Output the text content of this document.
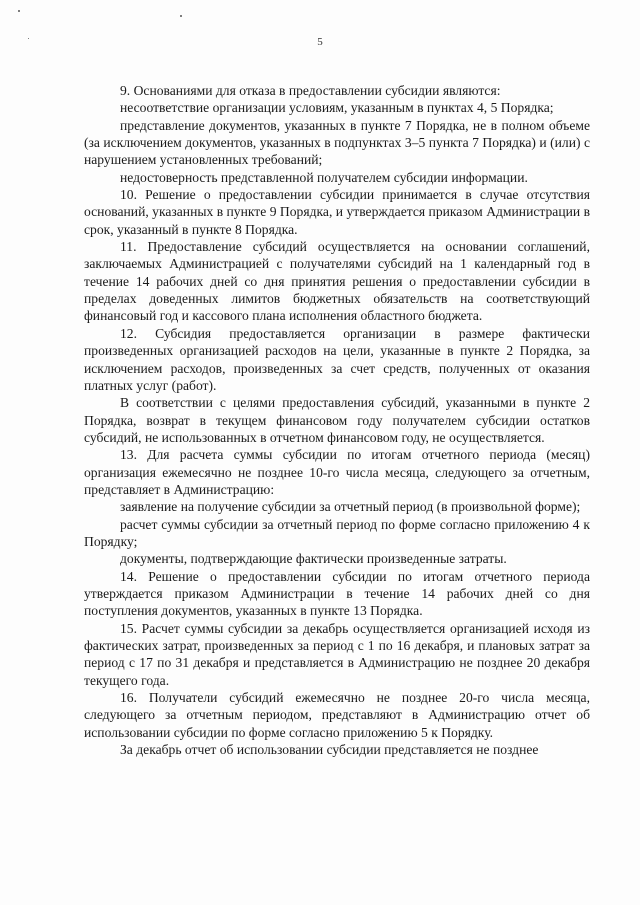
5

9. Основаниями для отказа в предоставлении субсидии являются:

несоответствие организации условиям, указанным в пунктах 4, 5 Порядка;

представление документов, указанных в пункте 7 Порядка, не в полном объеме (за исключением документов, указанных в подпунктах 3–5 пункта 7 Порядка) и (или) с нарушением установленных требований;

недостоверность представленной получателем субсидии информации.

10. Решение о предоставлении субсидии принимается в случае отсутствия оснований, указанных в пункте 9 Порядка, и утверждается приказом Администрации в срок, указанный в пункте 8 Порядка.

11. Предоставление субсидий осуществляется на основании соглашений, заключаемых Администрацией с получателями субсидий на 1 календарный год в течение 14 рабочих дней со дня принятия решения о предоставлении субсидии в пределах доведенных лимитов бюджетных обязательств на соответствующий финансовый год и кассового плана исполнения областного бюджета.

12. Субсидия предоставляется организации в размере фактически произведенных организацией расходов на цели, указанные в пункте 2 Порядка, за исключением расходов, произведенных за счет средств, полученных от оказания платных услуг (работ).

В соответствии с целями предоставления субсидий, указанными в пункте 2 Порядка, возврат в текущем финансовом году получателем субсидии остатков субсидий, не использованных в отчетном финансовом году, не осуществляется.

13. Для расчета суммы субсидии по итогам отчетного периода (месяц) организация ежемесячно не позднее 10-го числа месяца, следующего за отчетным, представляет в Администрацию:

заявление на получение субсидии за отчетный период (в произвольной форме);

расчет суммы субсидии за отчетный период по форме согласно приложению 4 к Порядку;

документы, подтверждающие фактически произведенные затраты.

14. Решение о предоставлении субсидии по итогам отчетного периода утверждается приказом Администрации в течение 14 рабочих дней со дня поступления документов, указанных в пункте 13 Порядка.

15. Расчет суммы субсидии за декабрь осуществляется организацией исходя из фактических затрат, произведенных за период с 1 по 16 декабря, и плановых затрат за период с 17 по 31 декабря и представляется в Администрацию не позднее 20 декабря текущего года.

16. Получатели субсидий ежемесячно не позднее 20-го числа месяца, следующего за отчетным периодом, представляют в Администрацию отчет об использовании субсидии по форме согласно приложению 5 к Порядку.

За декабрь отчет об использовании субсидии представляется не позднее
